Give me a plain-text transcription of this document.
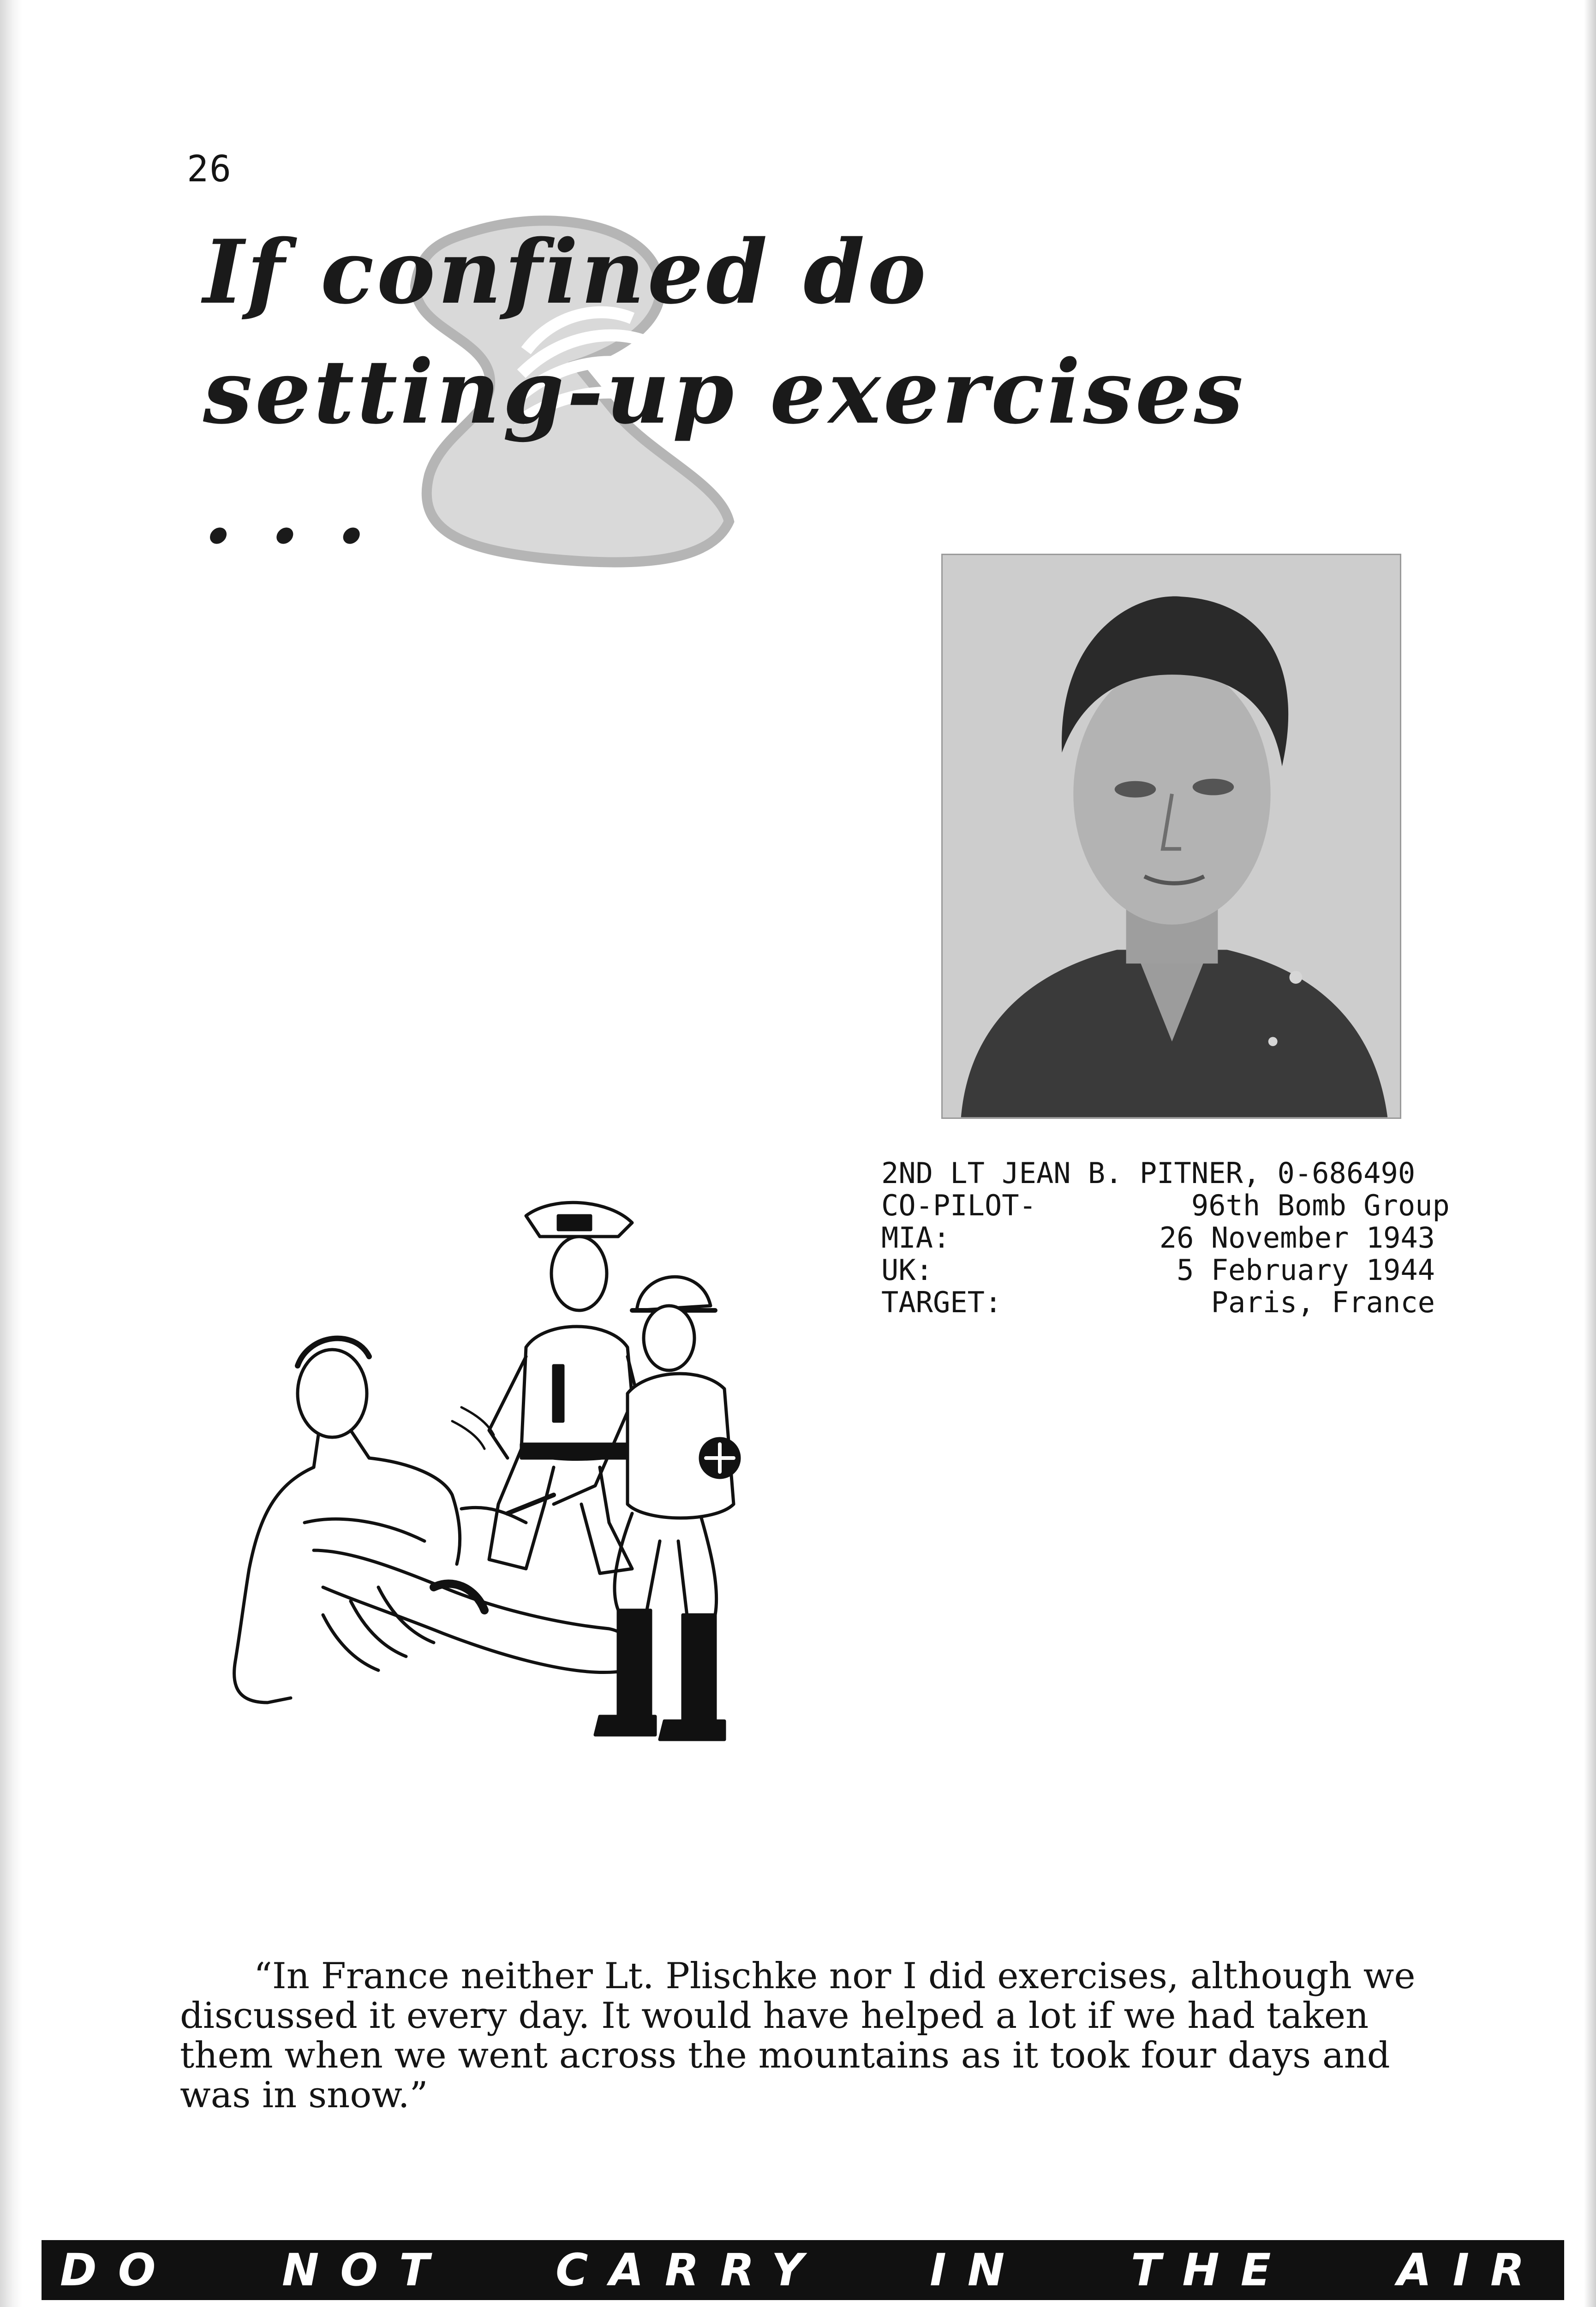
26
If confined do setting-up exercises . . .
2ND LT JEAN B. PITNER, 0-686490
CO-PILOT -         96th Bomb Group
MIA:	26 November 1943
UK:	5 February 1944
TARGET:	Paris, France

“In France neither Lt. Plischke nor I did exercises, although we discussed it every day. It would have helped a lot if we had taken them when we went across the mountains as it took four days and was in snow.”

DO NOT CARRY IN THE AIR
